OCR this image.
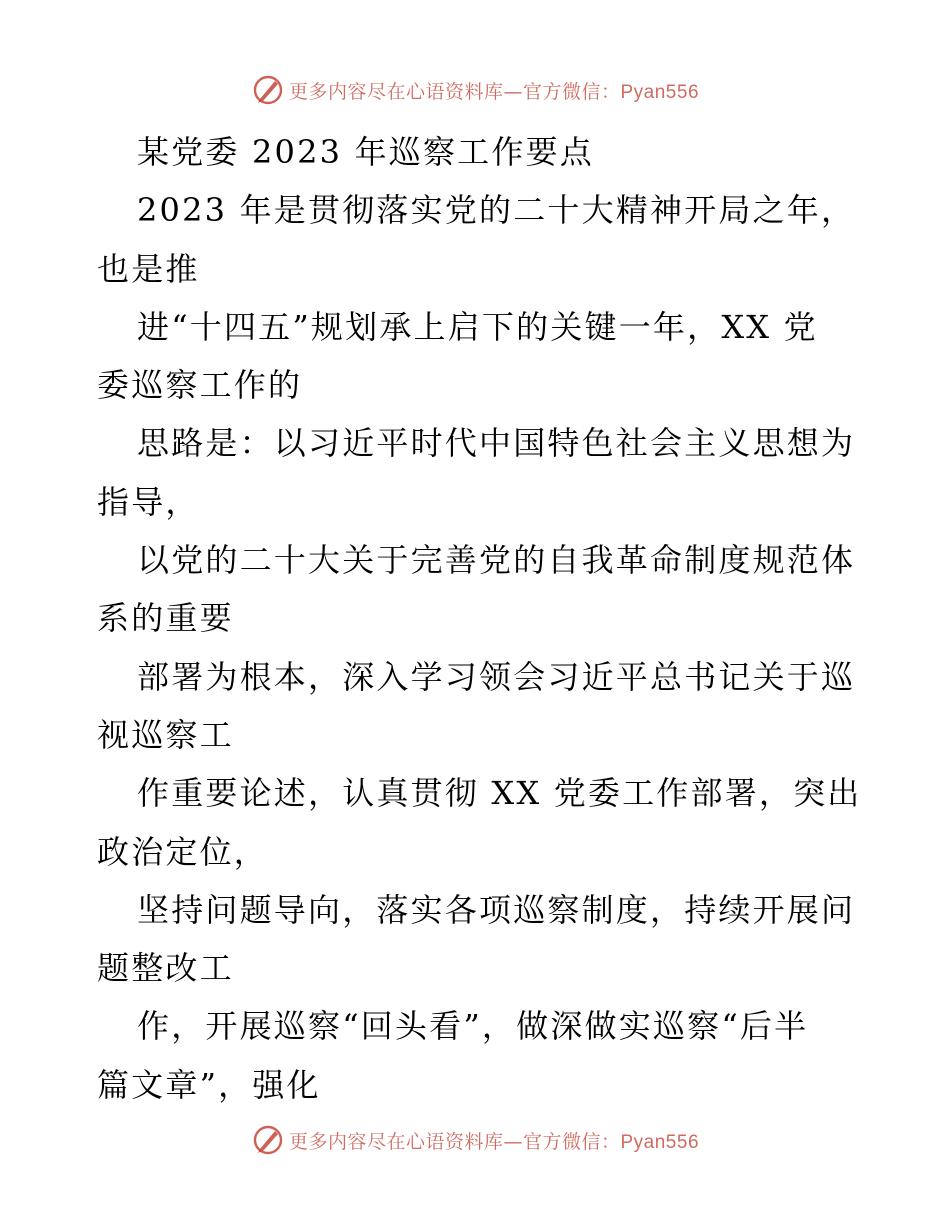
更多内容尽在心语资料库—官方微信：Pyan556
某党委 2023 年巡察工作要点
2023 年是贯彻落实党的二十大精神开局之年，
也是推
进“十四五”规划承上启下的关键一年，XX 党
委巡察工作的
思路是：以习近平时代中国特色社会主义思想为
指导，
以党的二十大关于完善党的自我革命制度规范体
系的重要
部署为根本，深入学习领会习近平总书记关于巡
视巡察工
作重要论述，认真贯彻 XX 党委工作部署，突出
政治定位，
坚持问题导向，落实各项巡察制度，持续开展问
题整改工
作，开展巡察“回头看”，做深做实巡察“后半
篇文章”，强化
更多内容尽在心语资料库—官方微信：Pyan556
